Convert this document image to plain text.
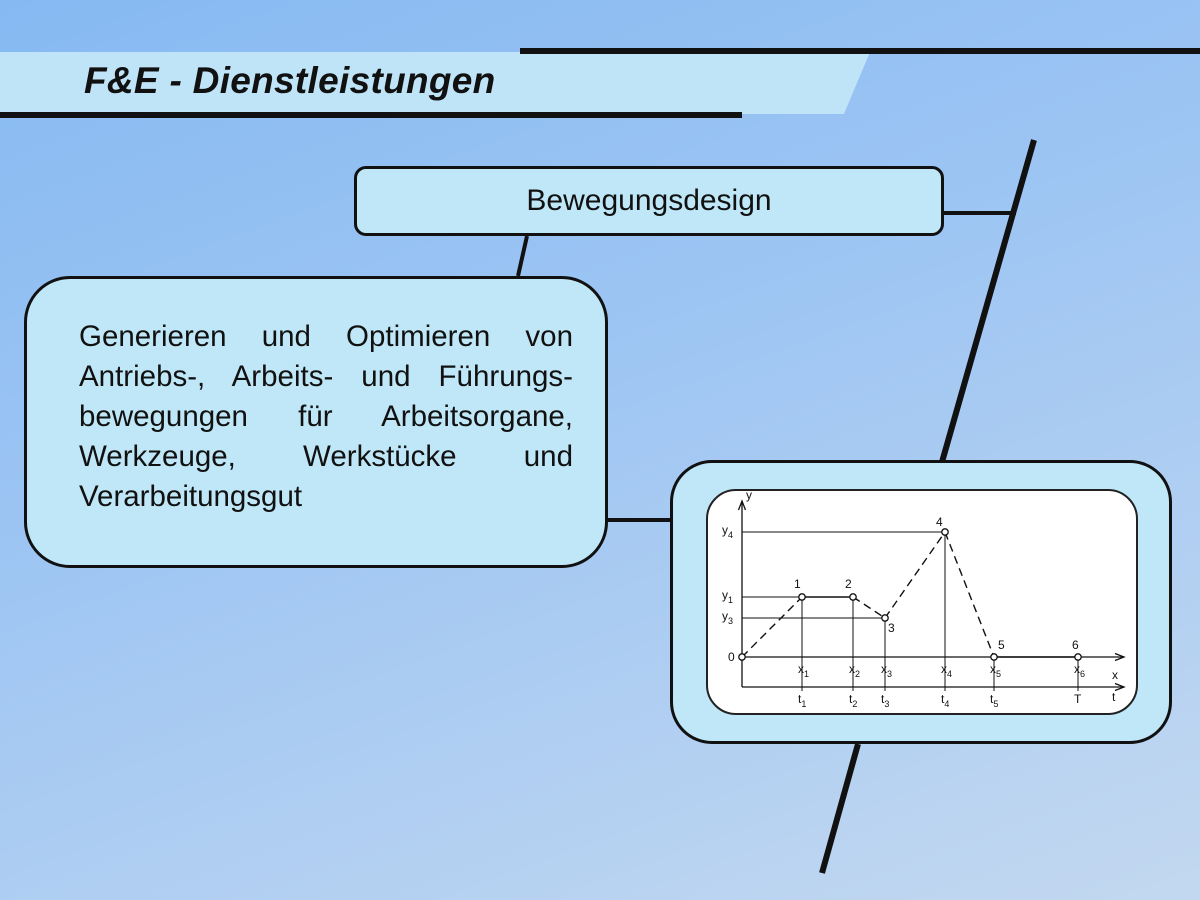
F&E - Dienstleistungen
Bewegungsdesign

Generieren und Optimieren von Antriebs-, Arbeits- und Führungs-bewegungen für Arbeitsorgane, Werkzeuge, Werkstücke und Verarbeitungsgut	y
x
t
0
$y_4$
$y_1$
$y_3$
1	2
3
4
5	6
$x_1$	$x_2$ $x_3$	$x_4$	$x_5$	$x_6$
$t_1$	$t_2$ $t_3$	$t_4$	$t_5$	T
